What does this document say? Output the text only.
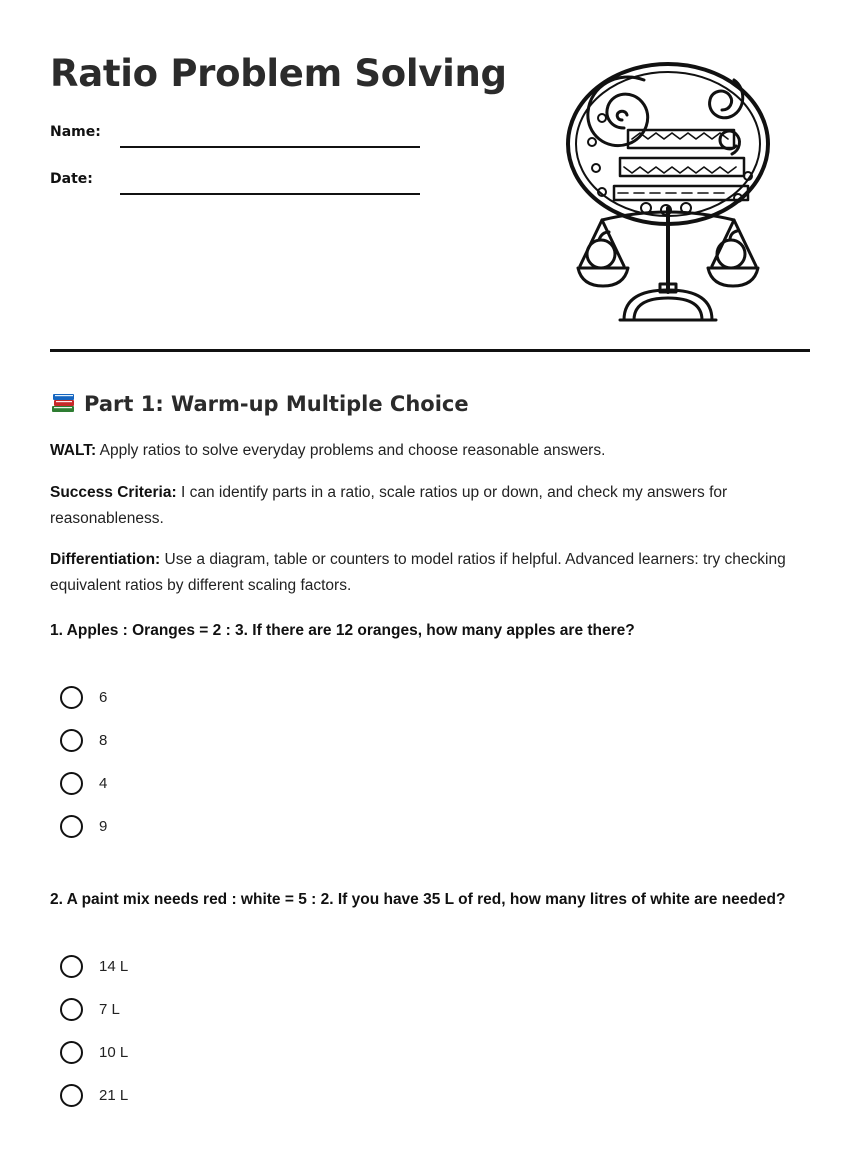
Ratio Problem Solving
Name:
Date:
Part 1: Warm-up Multiple Choice

WALT: Apply ratios to solve everyday problems and choose reasonable answers.

Success Criteria: I can identify parts in a ratio, scale ratios up or down, and check my answers for reasonableness.

Differentiation: Use a diagram, table or counters to model ratios if helpful. Advanced learners: try checking equivalent ratios by different scaling factors.

1. Apples : Oranges = 2 : 3. If there are 12 oranges, how many apples are there?

6
8
4
9

2. A paint mix needs red : white = 5 : 2. If you have 35 L of red, how many litres of white are needed?

14 L
7 L
10 L
21 L
